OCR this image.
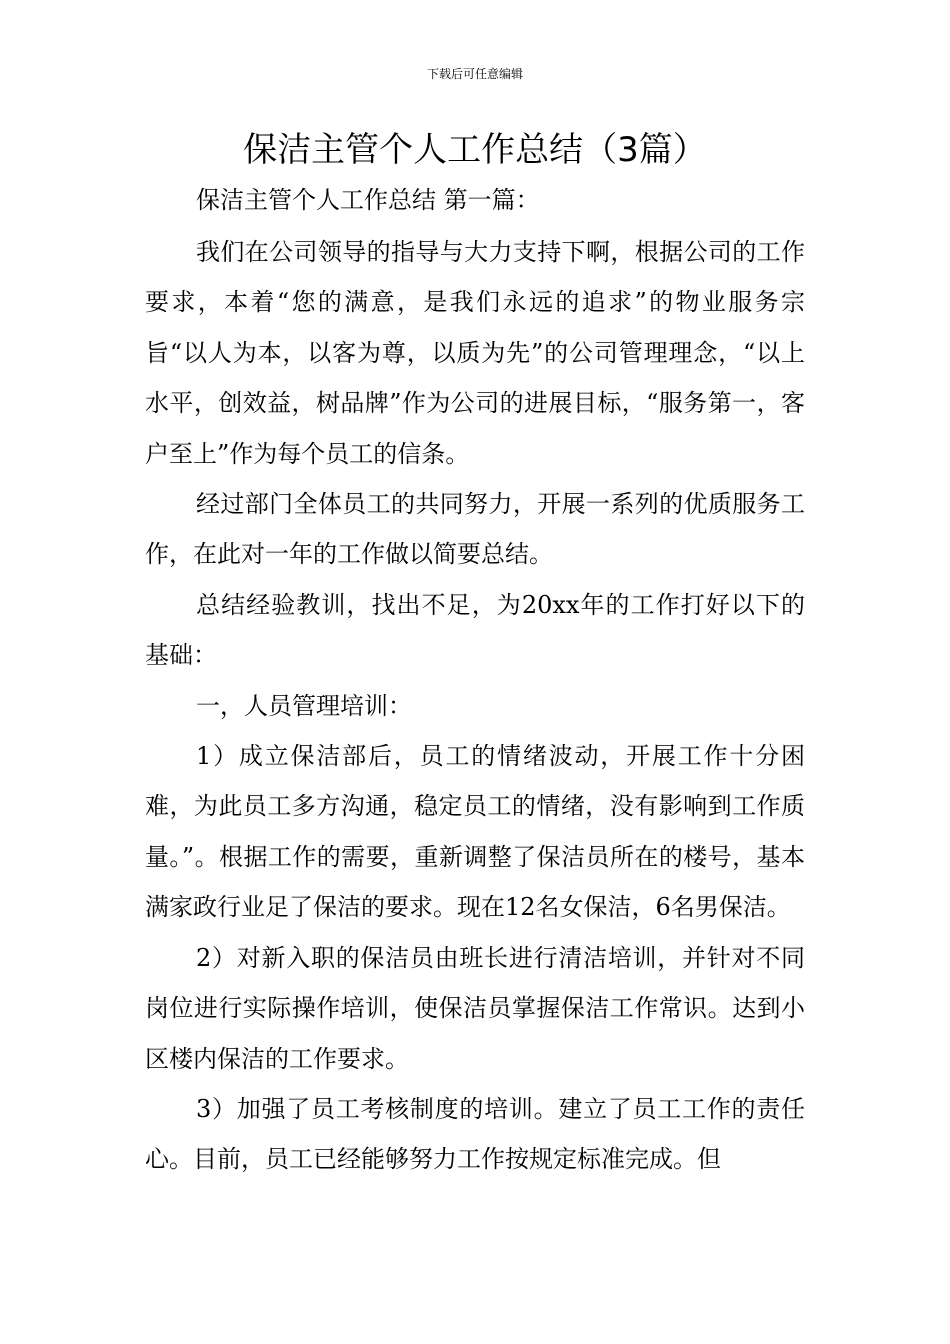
下载后可任意编辑
保洁主管个人工作总结（3篇）
保洁主管个人工作总结 第一篇：

我们在公司领导的指导与大力支持下啊，根据公司的工作要求，本着“您的满意，是我们永远的追求”的物业服务宗旨“以人为本，以客为尊，以质为先”的公司管理理念，“以上水平，创效益，树品牌”作为公司的进展目标，“服务第一，客户至上”作为每个员工的信条。

经过部门全体员工的共同努力，开展一系列的优质服务工作，在此对一年的工作做以简要总结。

总结经验教训，找出不足，为20xx年的工作打好以下的基础：

一，人员管理培训：

1）成立保洁部后，员工的情绪波动，开展工作十分困难，为此员工多方沟通，稳定员工的情绪，没有影响到工作质量。”。根据工作的需要，重新调整了保洁员所在的楼号，基本满家政行业足了保洁的要求。现在12名女保洁，6名男保洁。

2）对新入职的保洁员由班长进行清洁培训，并针对不同岗位进行实际操作培训，使保洁员掌握保洁工作常识。达到小区楼内保洁的工作要求。

3）加强了员工考核制度的培训。建立了员工工作的责任心。目前，员工已经能够努力工作按规定标准完成。但
